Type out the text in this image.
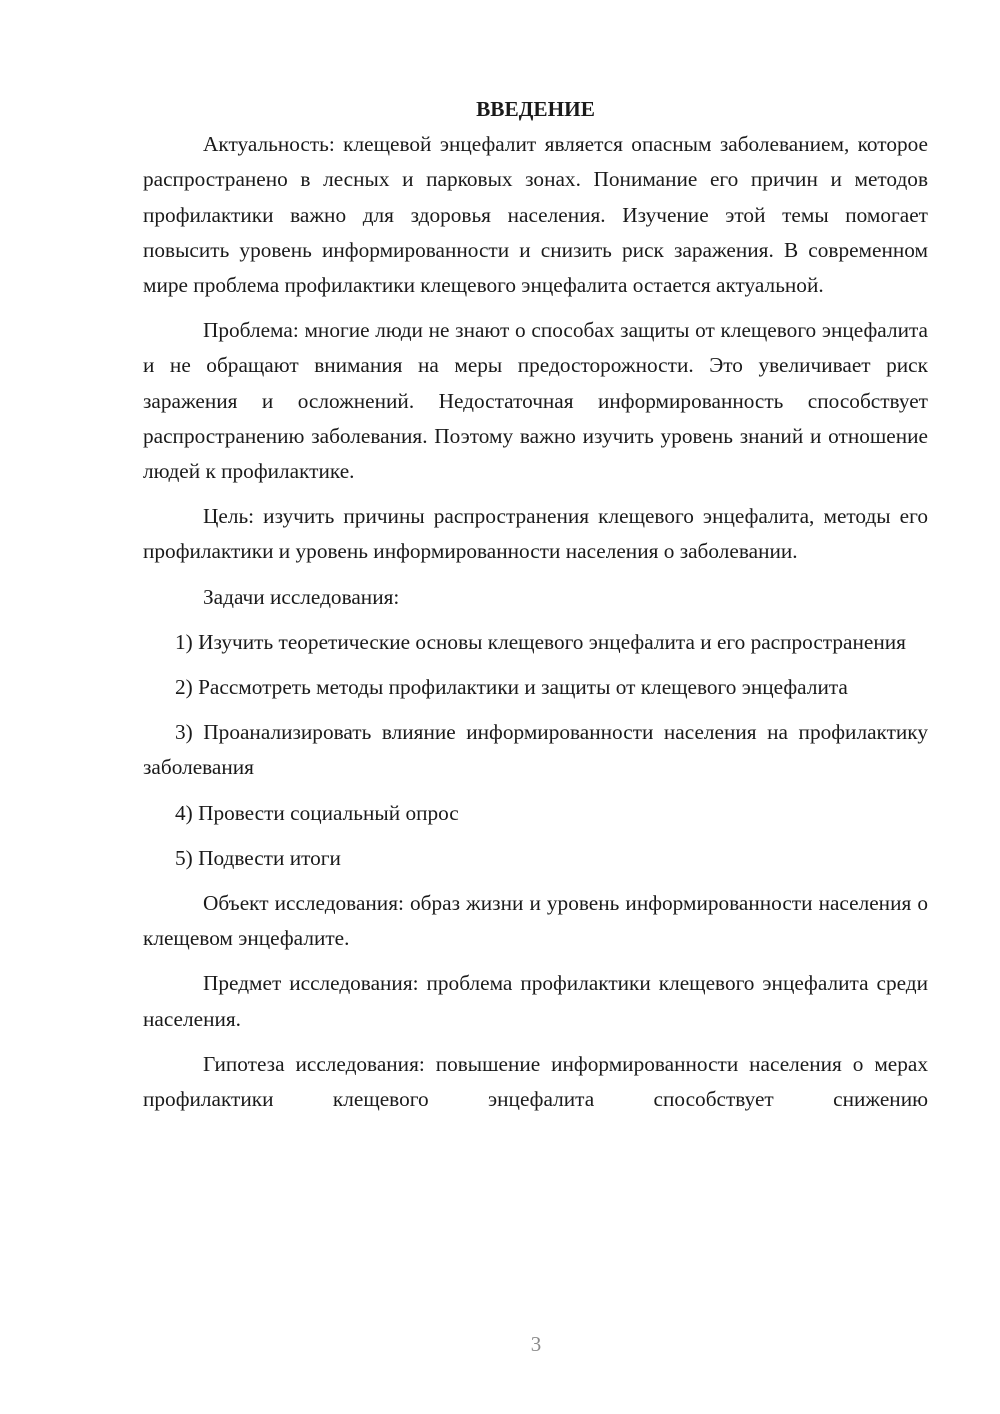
ВВЕДЕНИЕ

Актуальность: клещевой энцефалит является опасным заболеванием, которое распространено в лесных и парковых зонах. Понимание его причин и методов профилактики важно для здоровья населения. Изучение этой темы помогает повысить уровень информированности и снизить риск заражения. В современном мире проблема профилактики клещевого энцефалита остается актуальной.

Проблема: многие люди не знают о способах защиты от клещевого энцефалита и не обращают внимания на меры предосторожности. Это увеличивает риск заражения и осложнений. Недостаточная информированность способствует распространению заболевания. Поэтому важно изучить уровень знаний и отношение людей к профилактике.

Цель: изучить причины распространения клещевого энцефалита, методы его профилактики и уровень информированности населения о заболевании.

Задачи исследования:

1) Изучить теоретические основы клещевого энцефалита и его распространения

2) Рассмотреть методы профилактики и защиты от клещевого энцефалита

3) Проанализировать влияние информированности населения на профилактику заболевания

4) Провести социальный опрос

5) Подвести итоги

Объект исследования: образ жизни и уровень информированности населения о клещевом энцефалите.

Предмет исследования: проблема профилактики клещевого энцефалита среди населения.

Гипотеза исследования: повышение информированности населения о мерах профилактики клещевого энцефалита способствует снижению

3
